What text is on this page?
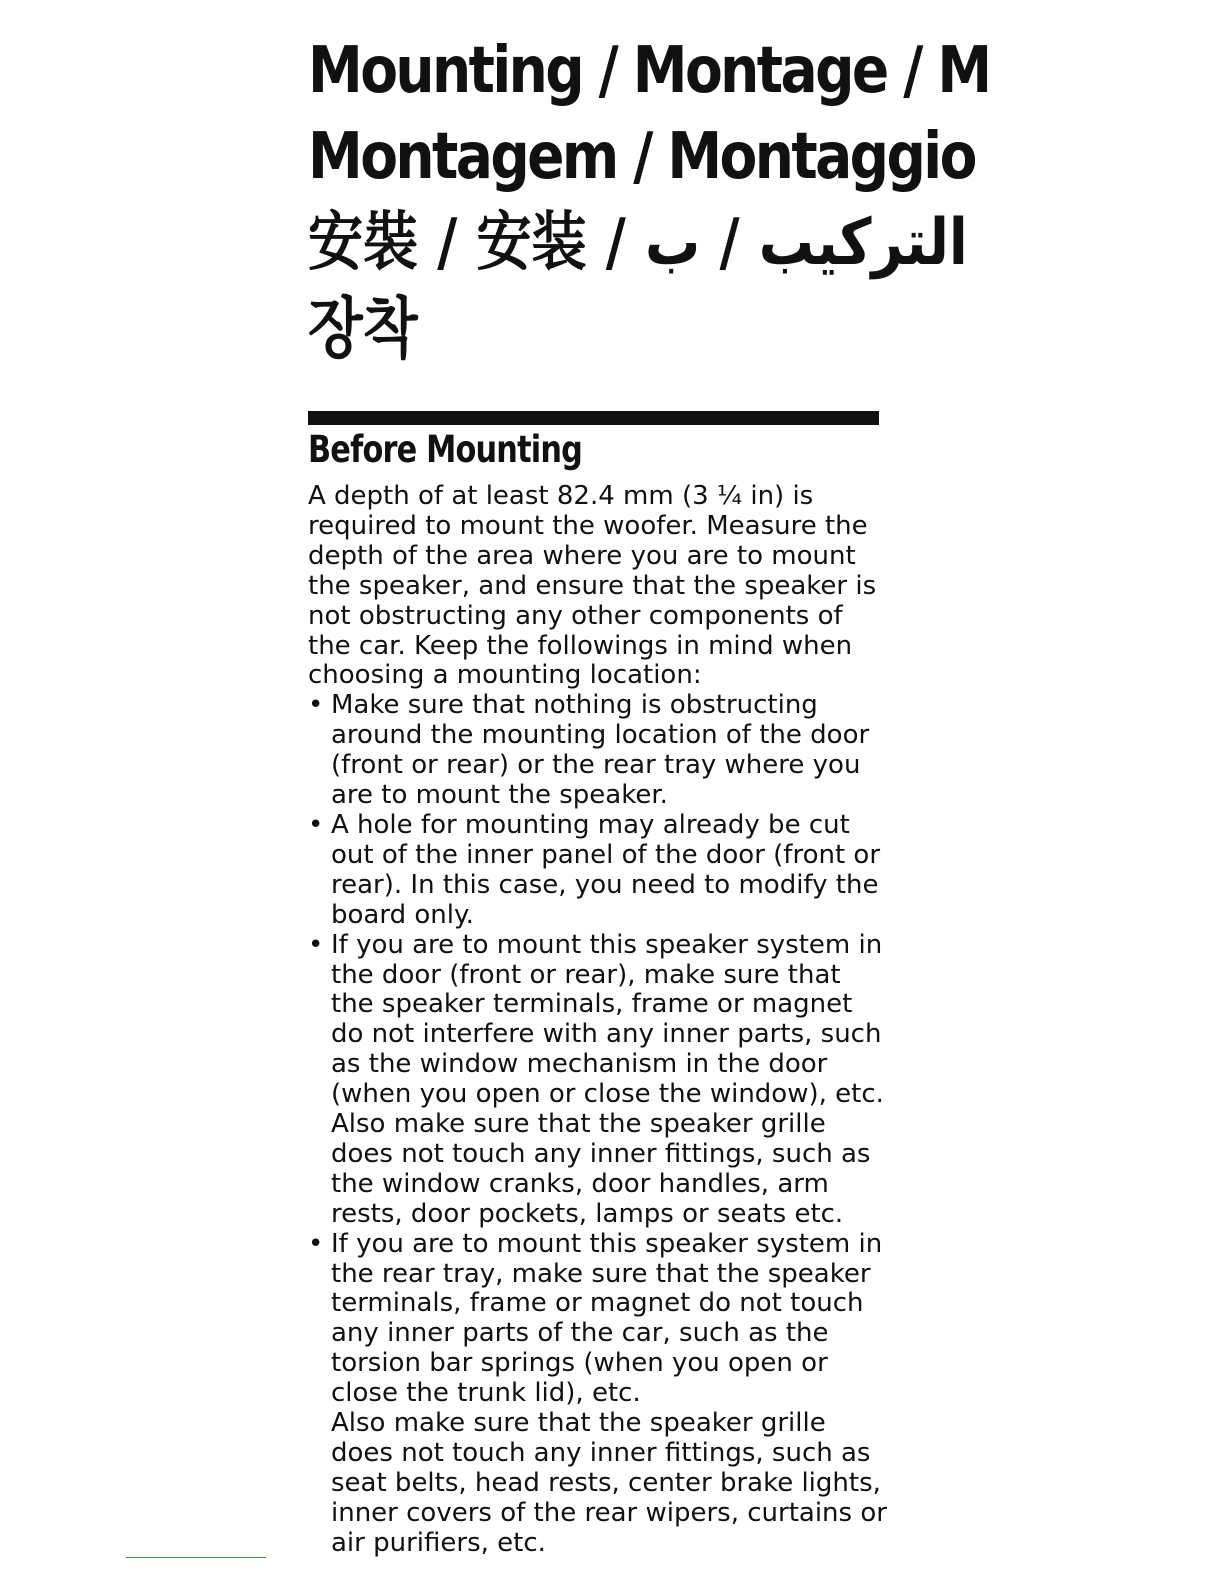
Mounting / Montage / M
Montagem / Montaggio
安裝 / 安装 / التركيب / ب
장착
Before Mounting

A depth of at least 82.4 mm (3 ¹⁄₄ in) is required to mount the woofer. Measure the depth of the area where you are to mount the speaker, and ensure that the speaker is not obstructing any other components of the car. Keep the followings in mind when choosing a mounting location:

• Make sure that nothing is obstructing around the mounting location of the door (front or rear) or the rear tray where you are to mount the speaker.
• A hole for mounting may already be cut out of the inner panel of the door (front or rear). In this case, you need to modify the board only.
• If you are to mount this speaker system in the door (front or rear), make sure that the speaker terminals, frame or magnet do not interfere with any inner parts, such as the window mechanism in the door (when you open or close the window), etc.

Also make sure that the speaker grille does not touch any inner fittings, such as the window cranks, door handles, arm rests, door pockets, lamps or seats etc.

• If you are to mount this speaker system in the rear tray, make sure that the speaker terminals, frame or magnet do not touch any inner parts of the car, such as the torsion bar springs (when you open or close the trunk lid), etc.

Also make sure that the speaker grille does not touch any inner fittings, such as seat belts, head rests, center brake lights, inner covers of the rear wipers, curtains or air purifiers, etc.
